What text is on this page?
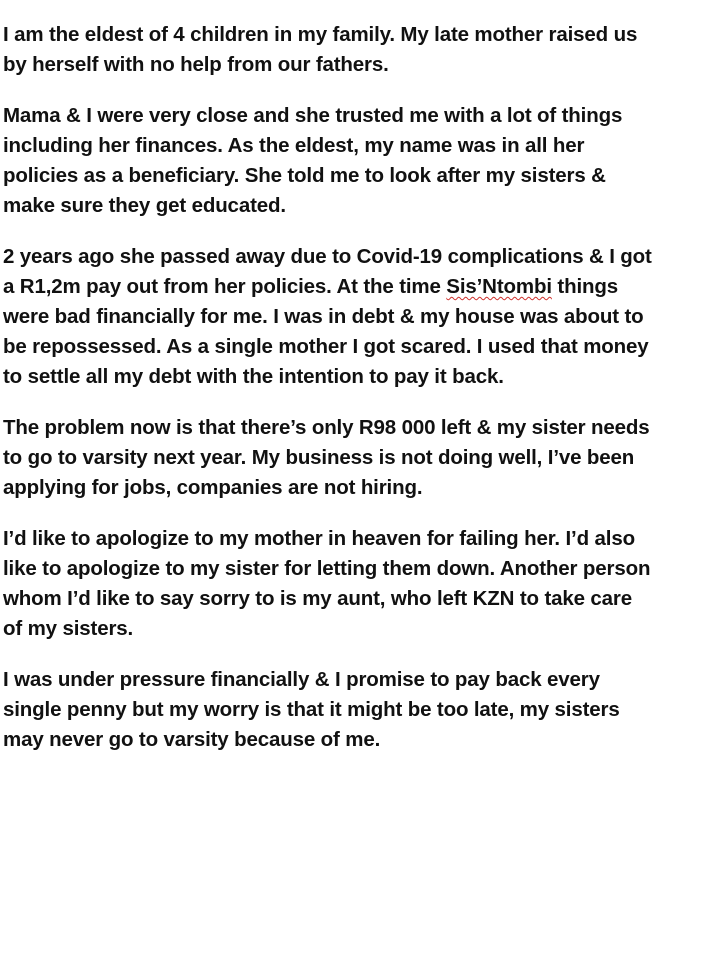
I am the eldest of 4 children in my family. My late mother raised us
by herself with no help from our fathers.
Mama & I were very close and she trusted me with a lot of things
including her finances. As the eldest, my name was in all her
policies as a beneficiary. She told me to look after my sisters &
make sure they get educated.
2 years ago she passed away due to Covid-19 complications & I got
a R1,2m pay out from her policies. At the time Sis’Ntombi things
were bad financially for me. I was in debt & my house was about to
be repossessed. As a single mother I got scared. I used that money
to settle all my debt with the intention to pay it back.
The problem now is that there’s only R98 000 left & my sister needs
to go to varsity next year. My business is not doing well, I’ve been
applying for jobs, companies are not hiring.
I’d like to apologize to my mother in heaven for failing her. I’d also
like to apologize to my sister for letting them down. Another person
whom I’d like to say sorry to is my aunt, who left KZN to take care
of my sisters.
I was under pressure financially & I promise to pay back every
single penny but my worry is that it might be too late, my sisters
may never go to varsity because of me.
